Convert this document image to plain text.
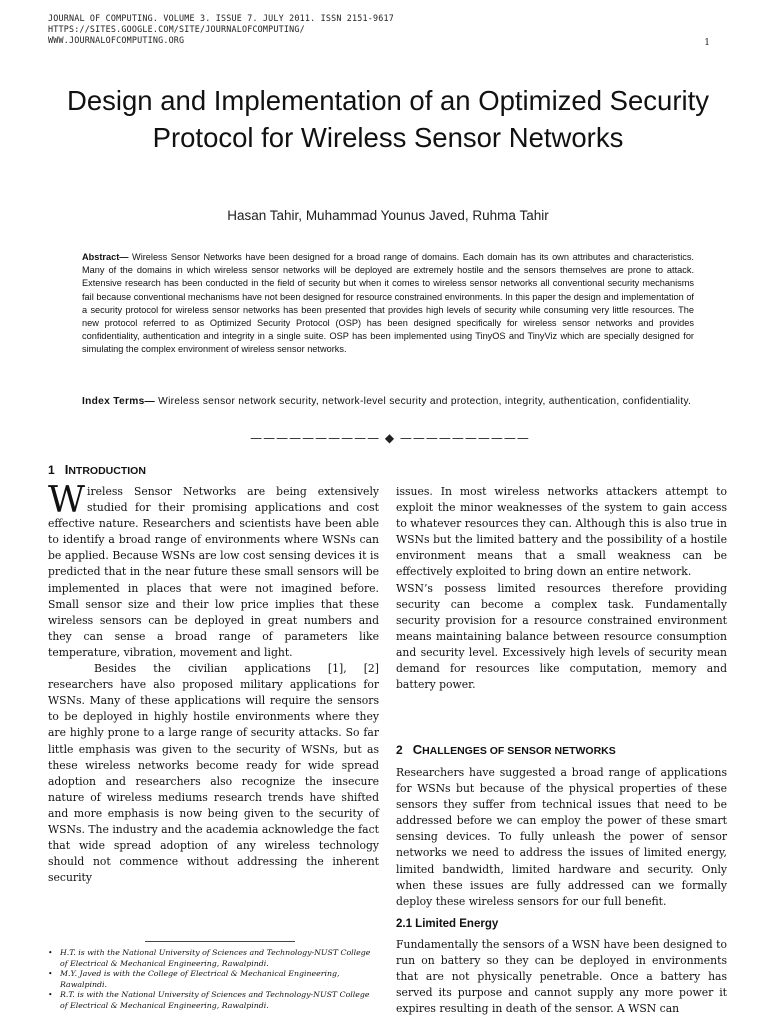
JOURNAL OF COMPUTING. VOLUME 3. ISSUE 7. JULY 2011. ISSN 2151-9617
HTTPS://SITES.GOOGLE.COM/SITE/JOURNALOFCOMPUTING/
WWW.JOURNALOFCOMPUTING.ORG	1
Design and Implementation of an Optimized Security Protocol for Wireless Sensor Networks
Hasan Tahir, Muhammad Younus Javed, Ruhma Tahir
Abstract— Wireless Sensor Networks have been designed for a broad range of domains. Each domain has its own attributes and characteristics. Many of the domains in which wireless sensor networks will be deployed are extremely hostile and the sensors themselves are prone to attack. Extensive research has been conducted in the field of security but when it comes to wireless sensor networks all conventional security mechanisms fail because conventional mechanisms have not been designed for resource constrained environments. In this paper the design and implementation of a security protocol for wireless sensor networks has been presented that provides high levels of security while consuming very little resources. The new protocol referred to as Optimized Security Protocol (OSP) has been designed specifically for wireless sensor networks and provides confidentiality, authentication and integrity in a single suite. OSP has been implemented using TinyOS and TinyViz which are specially designed for simulating the complex environment of wireless sensor networks.
Index Terms— Wireless sensor network security, network-level security and protection, integrity, authentication, confidentiality.
—————————— ◆ ——————————
1 INTRODUCTION

Wireless Sensor Networks are being extensively studied for their promising applications and cost effective nature. Researchers and scientists have been able to identify a broad range of environments where WSNs can be applied. Because WSNs are low cost sensing devices it is predicted that in the near future these small sensors will be implemented in places that were not imagined before. Small sensor size and their low price implies that these wireless sensors can be deployed in great numbers and they can sense a broad range of parameters like temperature, vibration, movement and light.

Besides the civilian applications [1], [2] researchers have also proposed military applications for WSNs. Many of these applications will require the sensors to be deployed in highly hostile environments where they are highly prone to a large range of security attacks. So far little emphasis was given to the security of WSNs, but as these wireless networks become ready for wide spread adoption and researchers also recognize the insecure nature of wireless mediums research trends have shifted and more emphasis is now being given to the security of WSNs. The industry and the academia acknowledge the fact that wide spread adoption of any wireless technology should not commence without addressing the inherent security

issues. In most wireless networks attackers attempt to exploit the minor weaknesses of the system to gain access to whatever resources they can. Although this is also true in WSNs but the limited battery and the possibility of a hostile environment means that a small weakness can be effectively exploited to bring down an entire network.

WSN’s possess limited resources therefore providing security can become a complex task. Fundamentally security provision for a resource constrained environment means maintaining balance between resource consumption and security level. Excessively high levels of security mean demand for resources like computation, memory and battery power.

2 CHALLENGES OF SENSOR NETWORKS

Researchers have suggested a broad range of applications for WSNs but because of the physical properties of these sensors they suffer from technical issues that need to be addressed before we can employ the power of these smart sensing devices. To fully unleash the power of sensor networks we need to address the issues of limited energy, limited bandwidth, limited hardware and security. Only when these issues are fully addressed can we formally deploy these wireless sensors for our full benefit.

2.1 Limited Energy

Fundamentally the sensors of a WSN have been designed to run on battery so they can be deployed in environments that are not physically penetrable. Once a battery has served its purpose and cannot supply any more power it expires resulting in death of the sensor. A WSN can

• H.T. is with the National University of Sciences and Technology-NUST College of Electrical & Mechanical Engineering, Rawalpindi.
• M.Y. Javed is with the College of Electrical & Mechanical Engineering, Rawalpindi.
• R.T. is with the National University of Sciences and Technology-NUST College of Electrical & Mechanical Engineering, Rawalpindi.
